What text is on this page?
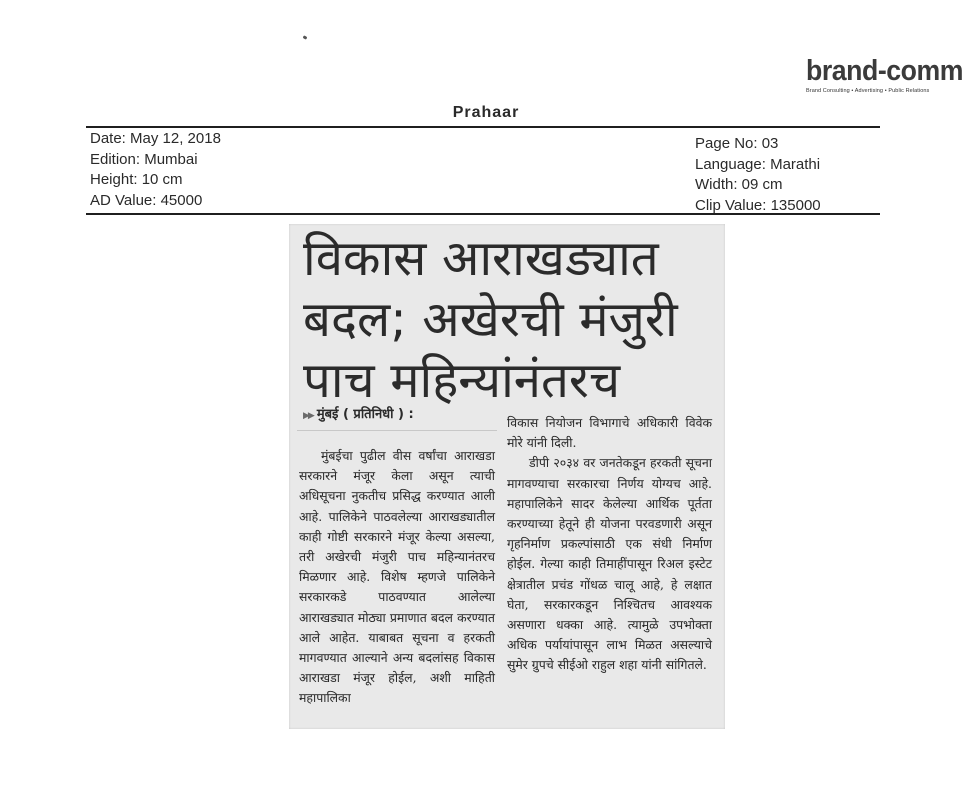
brand-comm
Brand Consulting • Advertising • Public Relations
Prahaar
Date: May 12, 2018
Edition: Mumbai
Height: 10 cm
AD Value: 45000
Page No: 03
Language: Marathi
Width: 09 cm
Clip Value: 135000
विकास आराखड्यात
बदल; अखेरची मंजुरी
पाच महिन्यांनंतरच
▶▶ मुंबई ( प्रतिनिधी ) :

मुंबईचा पुढील वीस वर्षांचा आराखडा सरकारने मंजूर केला असून त्याची अधिसूचना नुकतीच प्रसिद्ध करण्यात आली आहे. पालिकेने पाठवलेल्या आराखड्यातील काही गोष्टी सरकारने मंजूर केल्या असल्या, तरी अखेरची मंजुरी पाच महिन्यानंतरच मिळणार आहे. विशेष म्हणजे पालिकेने सरकारकडे पाठवण्यात आलेल्या आराखड्यात मोठ्या प्रमाणात बदल करण्यात आले आहेत. याबाबत सूचना व हरकती मागवण्यात आल्याने अन्य बदलांसह विकास आराखडा मंजूर होईल, अशी माहिती महापालिका

विकास नियोजन विभागाचे अधिकारी विवेक मोरे यांनी दिली.

डीपी २०३४ वर जनतेकडून हरकती सूचना मागवण्याचा सरकारचा निर्णय योग्यच आहे. महापालिकेने सादर केलेल्या आर्थिक पूर्तता करण्याच्या हेतूने ही योजना परवडणारी असून गृहनिर्माण प्रकल्पांसाठी एक संधी निर्माण होईल. गेल्या काही तिमाहींपासून रिअल इस्टेट क्षेत्रातील प्रचंड गोंधळ चालू आहे, हे लक्षात घेता, सरकारकडून निश्चितच आवश्यक असणारा धक्का आहे. त्यामुळे उपभोक्ता अधिक पर्यायांपासून लाभ मिळत असल्याचे सुमेर ग्रुपचे सीईओ राहुल शहा यांनी सांगितले.
